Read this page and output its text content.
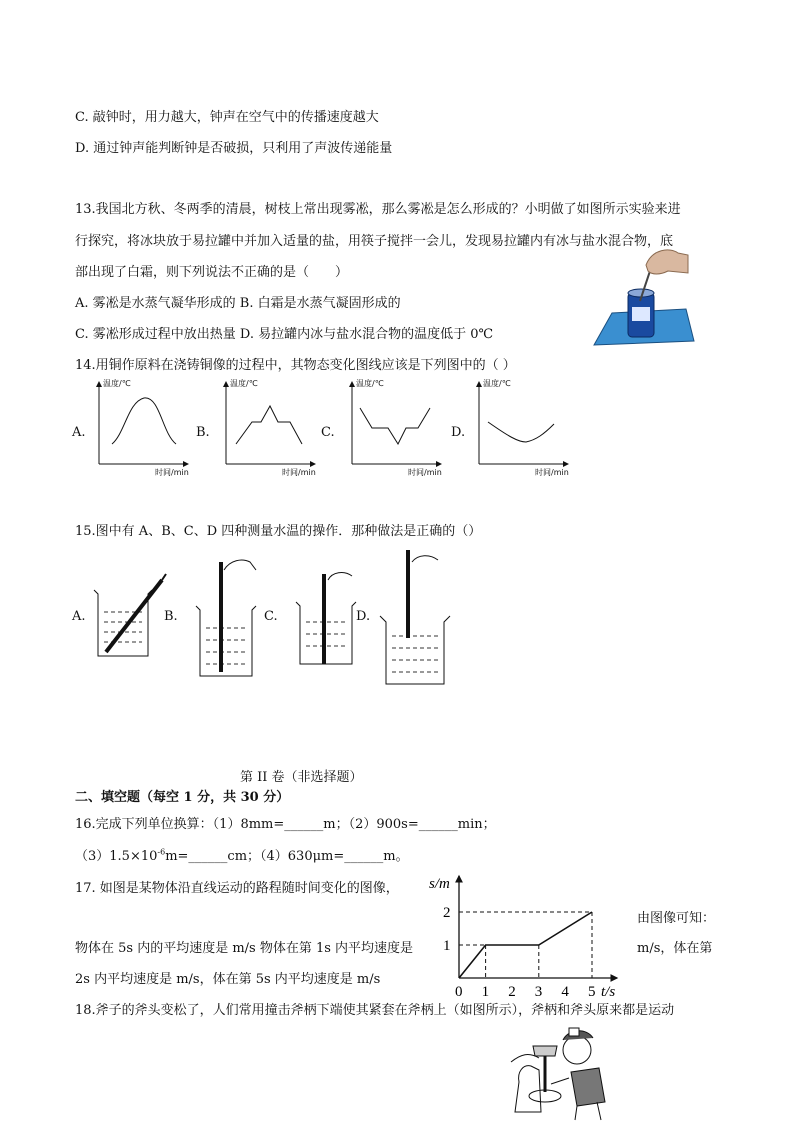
C. 敲钟时，用力越大，钟声在空气中的传播速度越大
D. 通过钟声能判断钟是否破损，只利用了声波传递能量
13.我国北方秋、冬两季的清晨，树枝上常出现雾凇，那么雾凇是怎么形成的？小明做了如图所示实验来进
行探究，将冰块放于易拉罐中并加入适量的盐，用筷子搅拌一会儿，发现易拉罐内有冰与盐水混合物，底
部出现了白霜，则下列说法不正确的是（　　）
A. 雾凇是水蒸气凝华形成的 B. 白霜是水蒸气凝固形成的
C. 雾凇形成过程中放出热量 D. 易拉罐内冰与盐水混合物的温度低于 0℃
14.用铜作原料在浇铸铜像的过程中，其物态变化图线应该是下列图中的（ ）
A.	B.	C.	D.
温度/℃	温度/℃	温度/℃	温度/℃
时间/min	时间/min	时间/min	时间/min
15.图中有 A、B、C、D 四种测量水温的操作．那种做法是正确的（）
A.	B.	C.	D.
第 II 卷（非选择题）
二、填空题（每空 1 分，共 30 分）
16.完成下列单位换算：（1）8mm=______m；（2）900s=______min；
$(3)1.5\times 10^{-6}m=\_\_\_\_\_\_cm$；（4）630μm=______m。
17. 如图是某物体沿直线运动的路程随时间变化的图像，
由图像可知：
物体在 5s 内的平均速度是 m/s 物体在第 1s 内平均速度是	m/s，体在第
2s 内平均速度是 m/s，体在第 5s 内平均速度是 m/s
0 1 2 3 4 5
1
2
s/m
t/s
18.斧子的斧头变松了，人们常用撞击斧柄下端使其紧套在斧柄上（如图所示），斧柄和斧头原来都是运动
